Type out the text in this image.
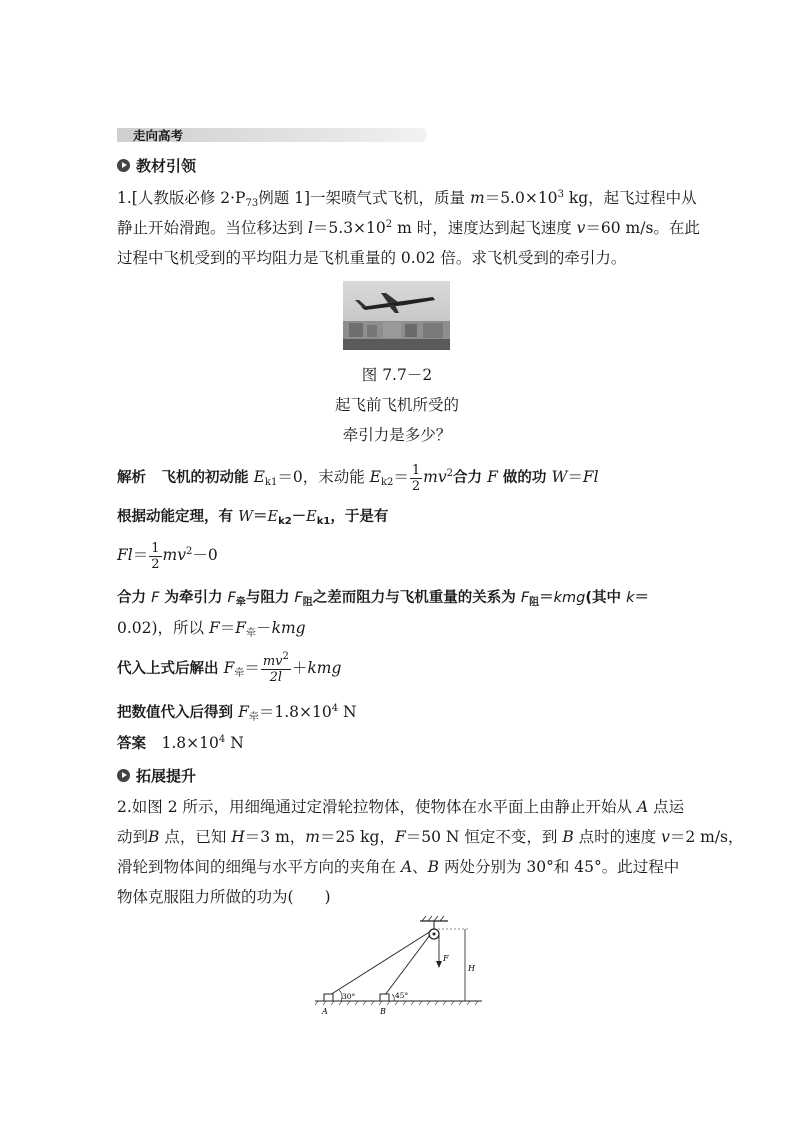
走向高考
教材引领
1.[人教版必修 $2\cdot P_{73}$例题 1]一架喷气式飞机，质量 $m=5.0\times 10^3$ kg，起飞过程中从
静止开始滑跑。当位移达到 $l=5.3\times 10^2$ m 时，速度达到起飞速度 v＝60 m/s。在此
过程中飞机受到的平均阻力是飞机重量的 0.02 倍。求飞机受到的牵引力。
图 7.7－2
起飞前飞机所受的
牵引力是多少？
解析　 飞机的初动能 $E_{k1}=0$，末动能 $E_{k2}= \frac{1}{2} mv^2$合力 F 做的功 W＝Fl
根据动能定理，有 $W=E_{k2}-E_{k1}$，于是有
$Fl= \frac{1}{2} mv^2-0$
合力 F 为牵引力 $F_牵$与阻力 $F_阻$之差而阻力与飞机重量的关系为 $F_阻=kmg$(其中 k＝
0.02)，所以 $F=F_牵-kmg$
代入上式后解出 $F_牵= \frac{mv^2}{2l} +kmg$
把数值代入后得到 $F_牵=1.8\times 10^4$ N
答案　 $1.8\times 10^4$ N
拓展提升
2.如图 2 所示，用细绳通过定滑轮拉物体，使物体在水平面上由静止开始从 A 点运
动到B 点，已知 H＝3 m，m＝25 kg，F＝50 N 恒定不变，到 B 点时的速度 v＝2 m/s，
滑轮到物体间的细绳与水平方向的夹角在 A、B 两处分别为 30°和 45°。此过程中
物体克服阻力所做的功为(　　)
F
H
30°	45°
A	B
